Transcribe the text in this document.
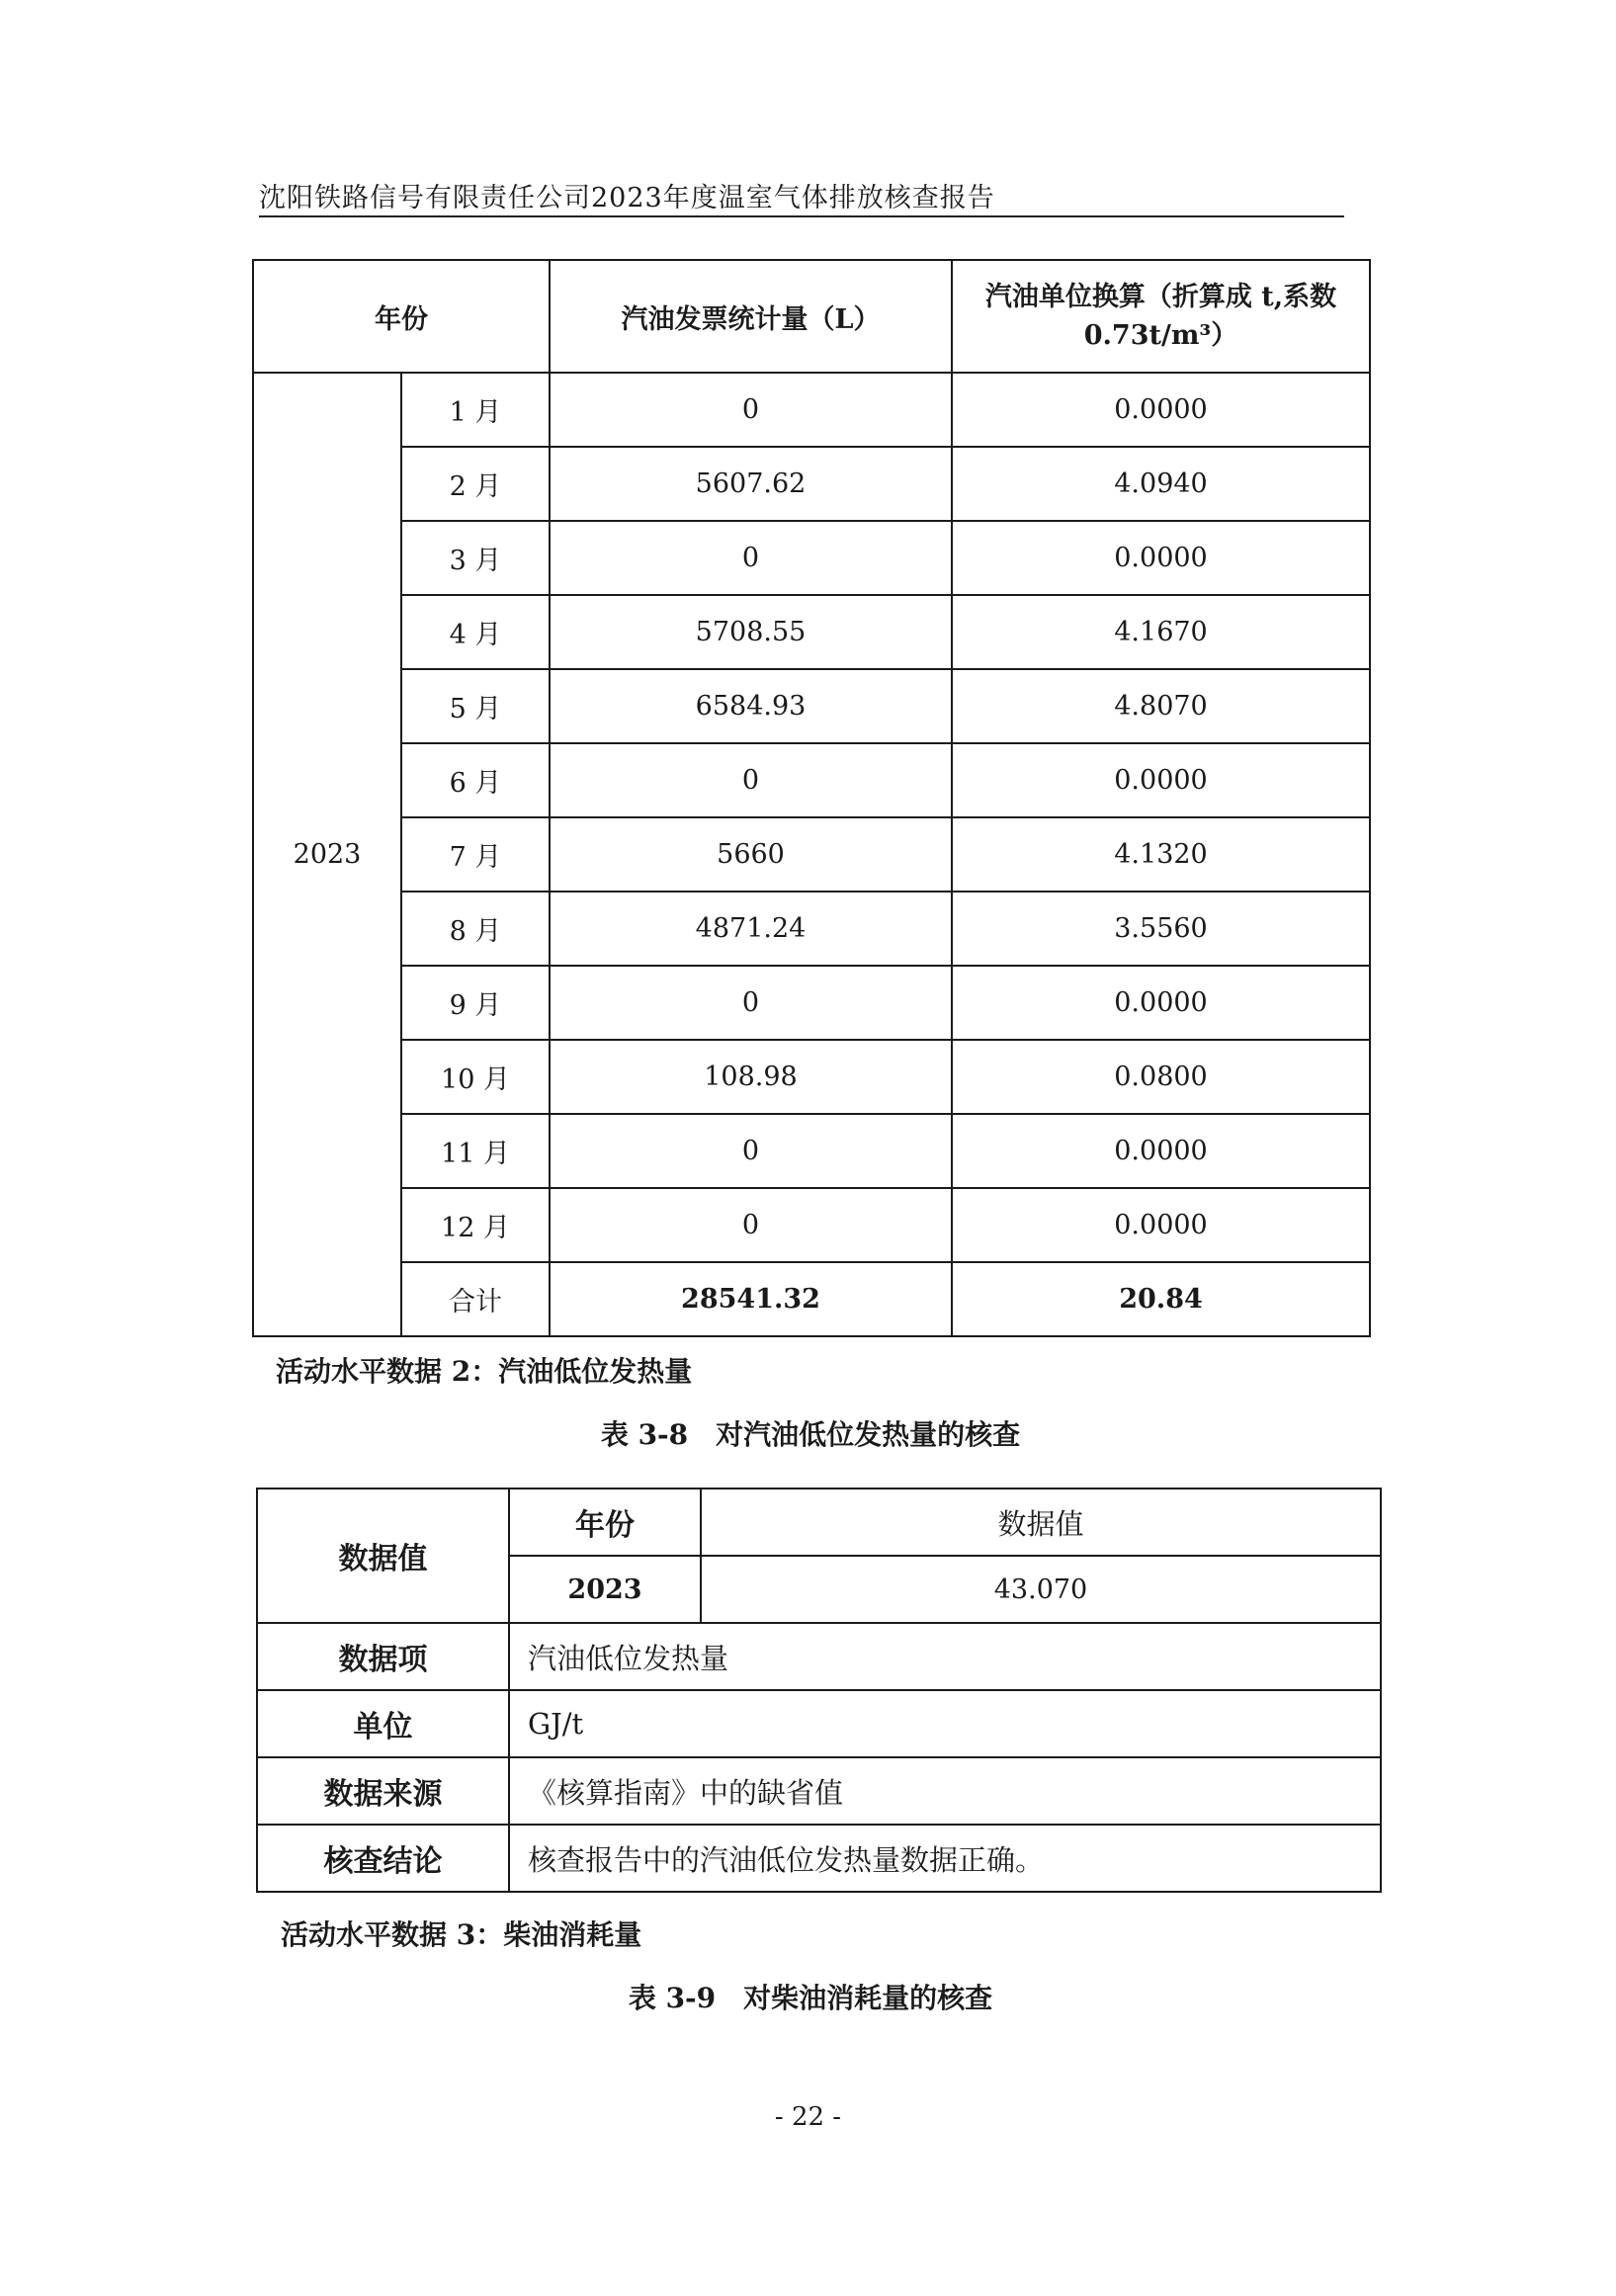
沈阳铁路信号有限责任公司2023年度温室气体排放核查报告
年份		汽油发票统计量（L）	汽油单位换算（折算成 t,系数 0.73t/m³）
2023	1 月	0	0.0000
	2 月	5607.62	4.0940
	3 月	0	0.0000
	4 月	5708.55	4.1670
	5 月	6584.93	4.8070
	6 月	0	0.0000
	7 月	5660	4.1320
	8 月	4871.24	3.5560
	9 月	0	0.0000
	10 月	108.98	0.0800
	11 月	0	0.0000
	12 月	0	0.0000
	合计	28541.32	20.84
活动水平数据 2：汽油低位发热量
表 3-8　对汽油低位发热量的核查
数据值	年份	数据值
	2023	43.070
数据项	汽油低位发热量	
单位	GJ/t	
数据来源	《核算指南》中的缺省值	
核查结论	核查报告中的汽油低位发热量数据正确。	
活动水平数据 3：柴油消耗量
表 3-9　对柴油消耗量的核查
- 22 -
